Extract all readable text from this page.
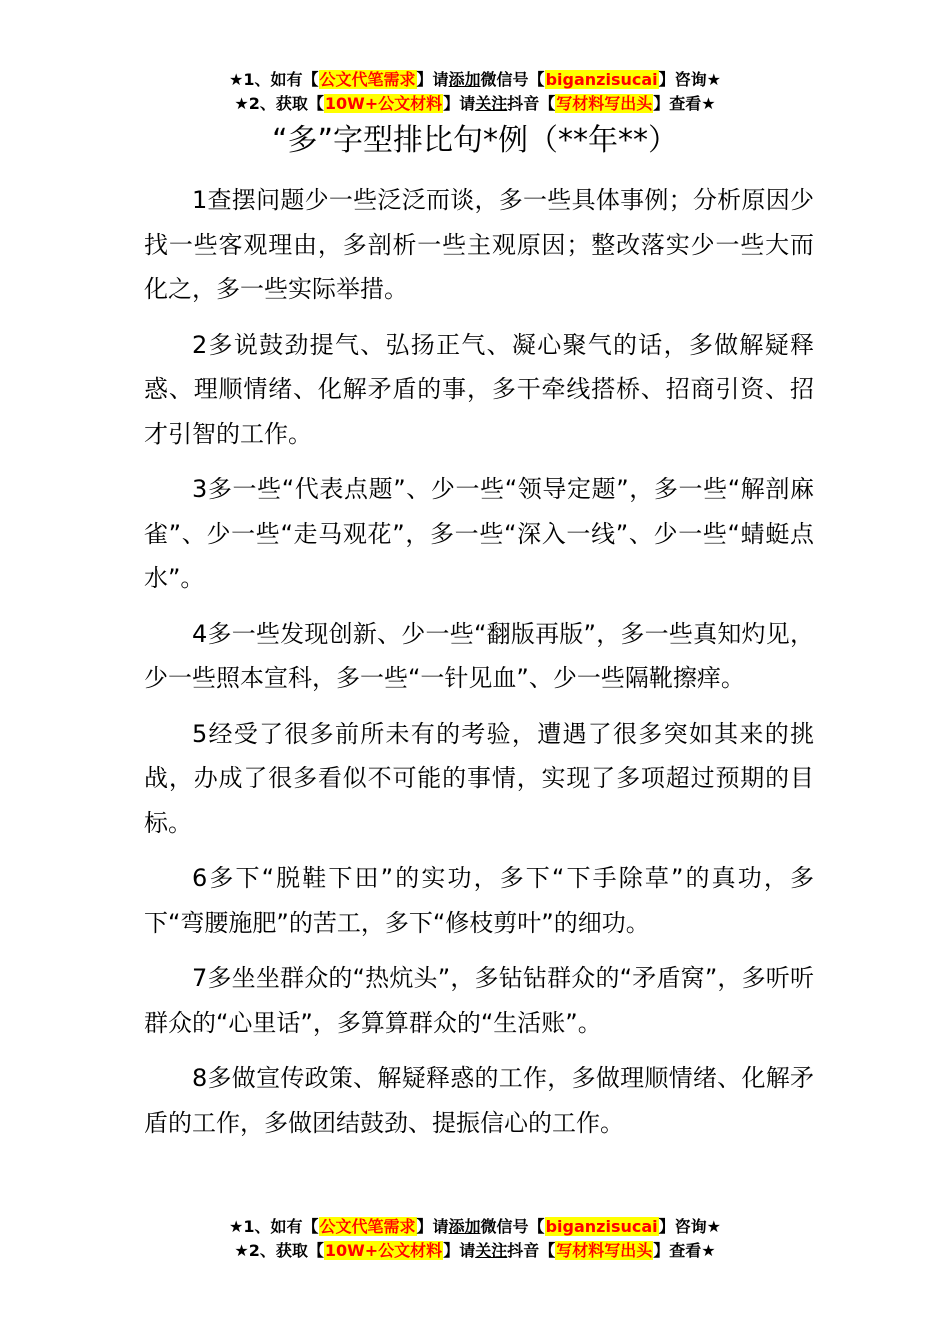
★1、如有【公文代笔需求】请添加微信号【biganzisucai】咨询★
★2、获取【10W+公文材料】请关注抖音【写材料写出头】查看★
“多”字型排比句*例（**年**）

1查摆问题少一些泛泛而谈，多一些具体事例；分析原因少找一些客观理由，多剖析一些主观原因；整改落实少一些大而化之，多一些实际举措。

2多说鼓劲提气、弘扬正气、凝心聚气的话，多做解疑释惑、理顺情绪、化解矛盾的事，多干牵线搭桥、招商引资、招才引智的工作。

3多一些“代表点题”、少一些“领导定题”，多一些“解剖麻雀”、少一些“走马观花”，多一些“深入一线”、少一些“蜻蜓点水”。

4多一些发现创新、少一些“翻版再版”，多一些真知灼见，少一些照本宣科，多一些“一针见血”、少一些隔靴擦痒。

5经受了很多前所未有的考验，遭遇了很多突如其来的挑战，办成了很多看似不可能的事情，实现了多项超过预期的目标。

6多下“脱鞋下田”的实功，多下“下手除草”的真功，多下“弯腰施肥”的苦工，多下“修枝剪叶”的细功。

7多坐坐群众的“热炕头”，多钻钻群众的“矛盾窝”，多听听群众的“心里话”，多算算群众的“生活账”。

8多做宣传政策、解疑释惑的工作，多做理顺情绪、化解矛盾的工作，多做团结鼓劲、提振信心的工作。

★1、如有【公文代笔需求】请添加微信号【biganzisucai】咨询★
★2、获取【10W+公文材料】请关注抖音【写材料写出头】查看★
